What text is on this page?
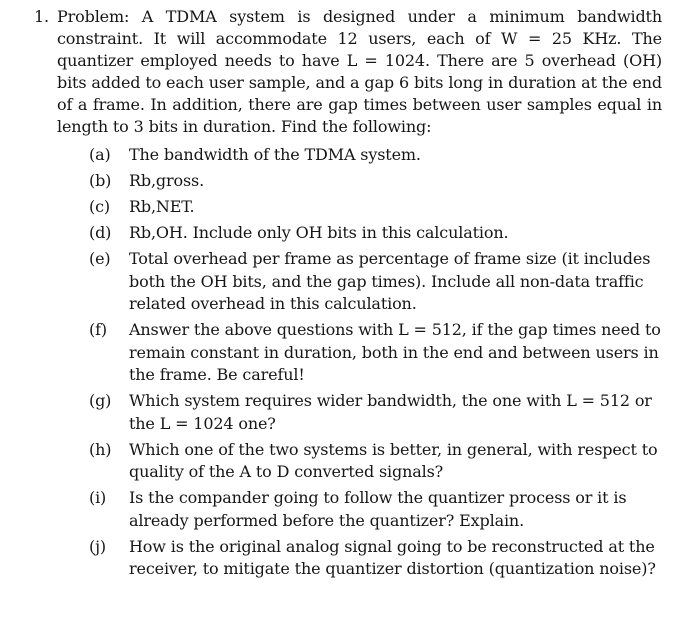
1. Problem: A TDMA system is designed under a minimum bandwidth constraint. It will accommodate 12 users, each of W = 25 KHz. The quantizer employed needs to have L = 1024. There are 5 overhead (OH) bits added to each user sample, and a gap 6 bits long in duration at the end of a frame. In addition, there are gap times between user samples equal in length to 3 bits in duration. Find the following:
(a) The bandwidth of the TDMA system.
(b) Rb,gross.
(c) Rb,NET.
(d) Rb,OH. Include only OH bits in this calculation.
(e) Total overhead per frame as percentage of frame size (it includes both the OH bits, and the gap times). Include all non-data traffic related overhead in this calculation.
(f) Answer the above questions with L = 512, if the gap times need to remain constant in duration, both in the end and between users in the frame. Be careful!
(g) Which system requires wider bandwidth, the one with L = 512 or the L = 1024 one?
(h) Which one of the two systems is better, in general, with respect to quality of the A to D converted signals?
(i) Is the compander going to follow the quantizer process or it is already performed before the quantizer? Explain.
(j) How is the original analog signal going to be reconstructed at the receiver, to mitigate the quantizer distortion (quantization noise)?
